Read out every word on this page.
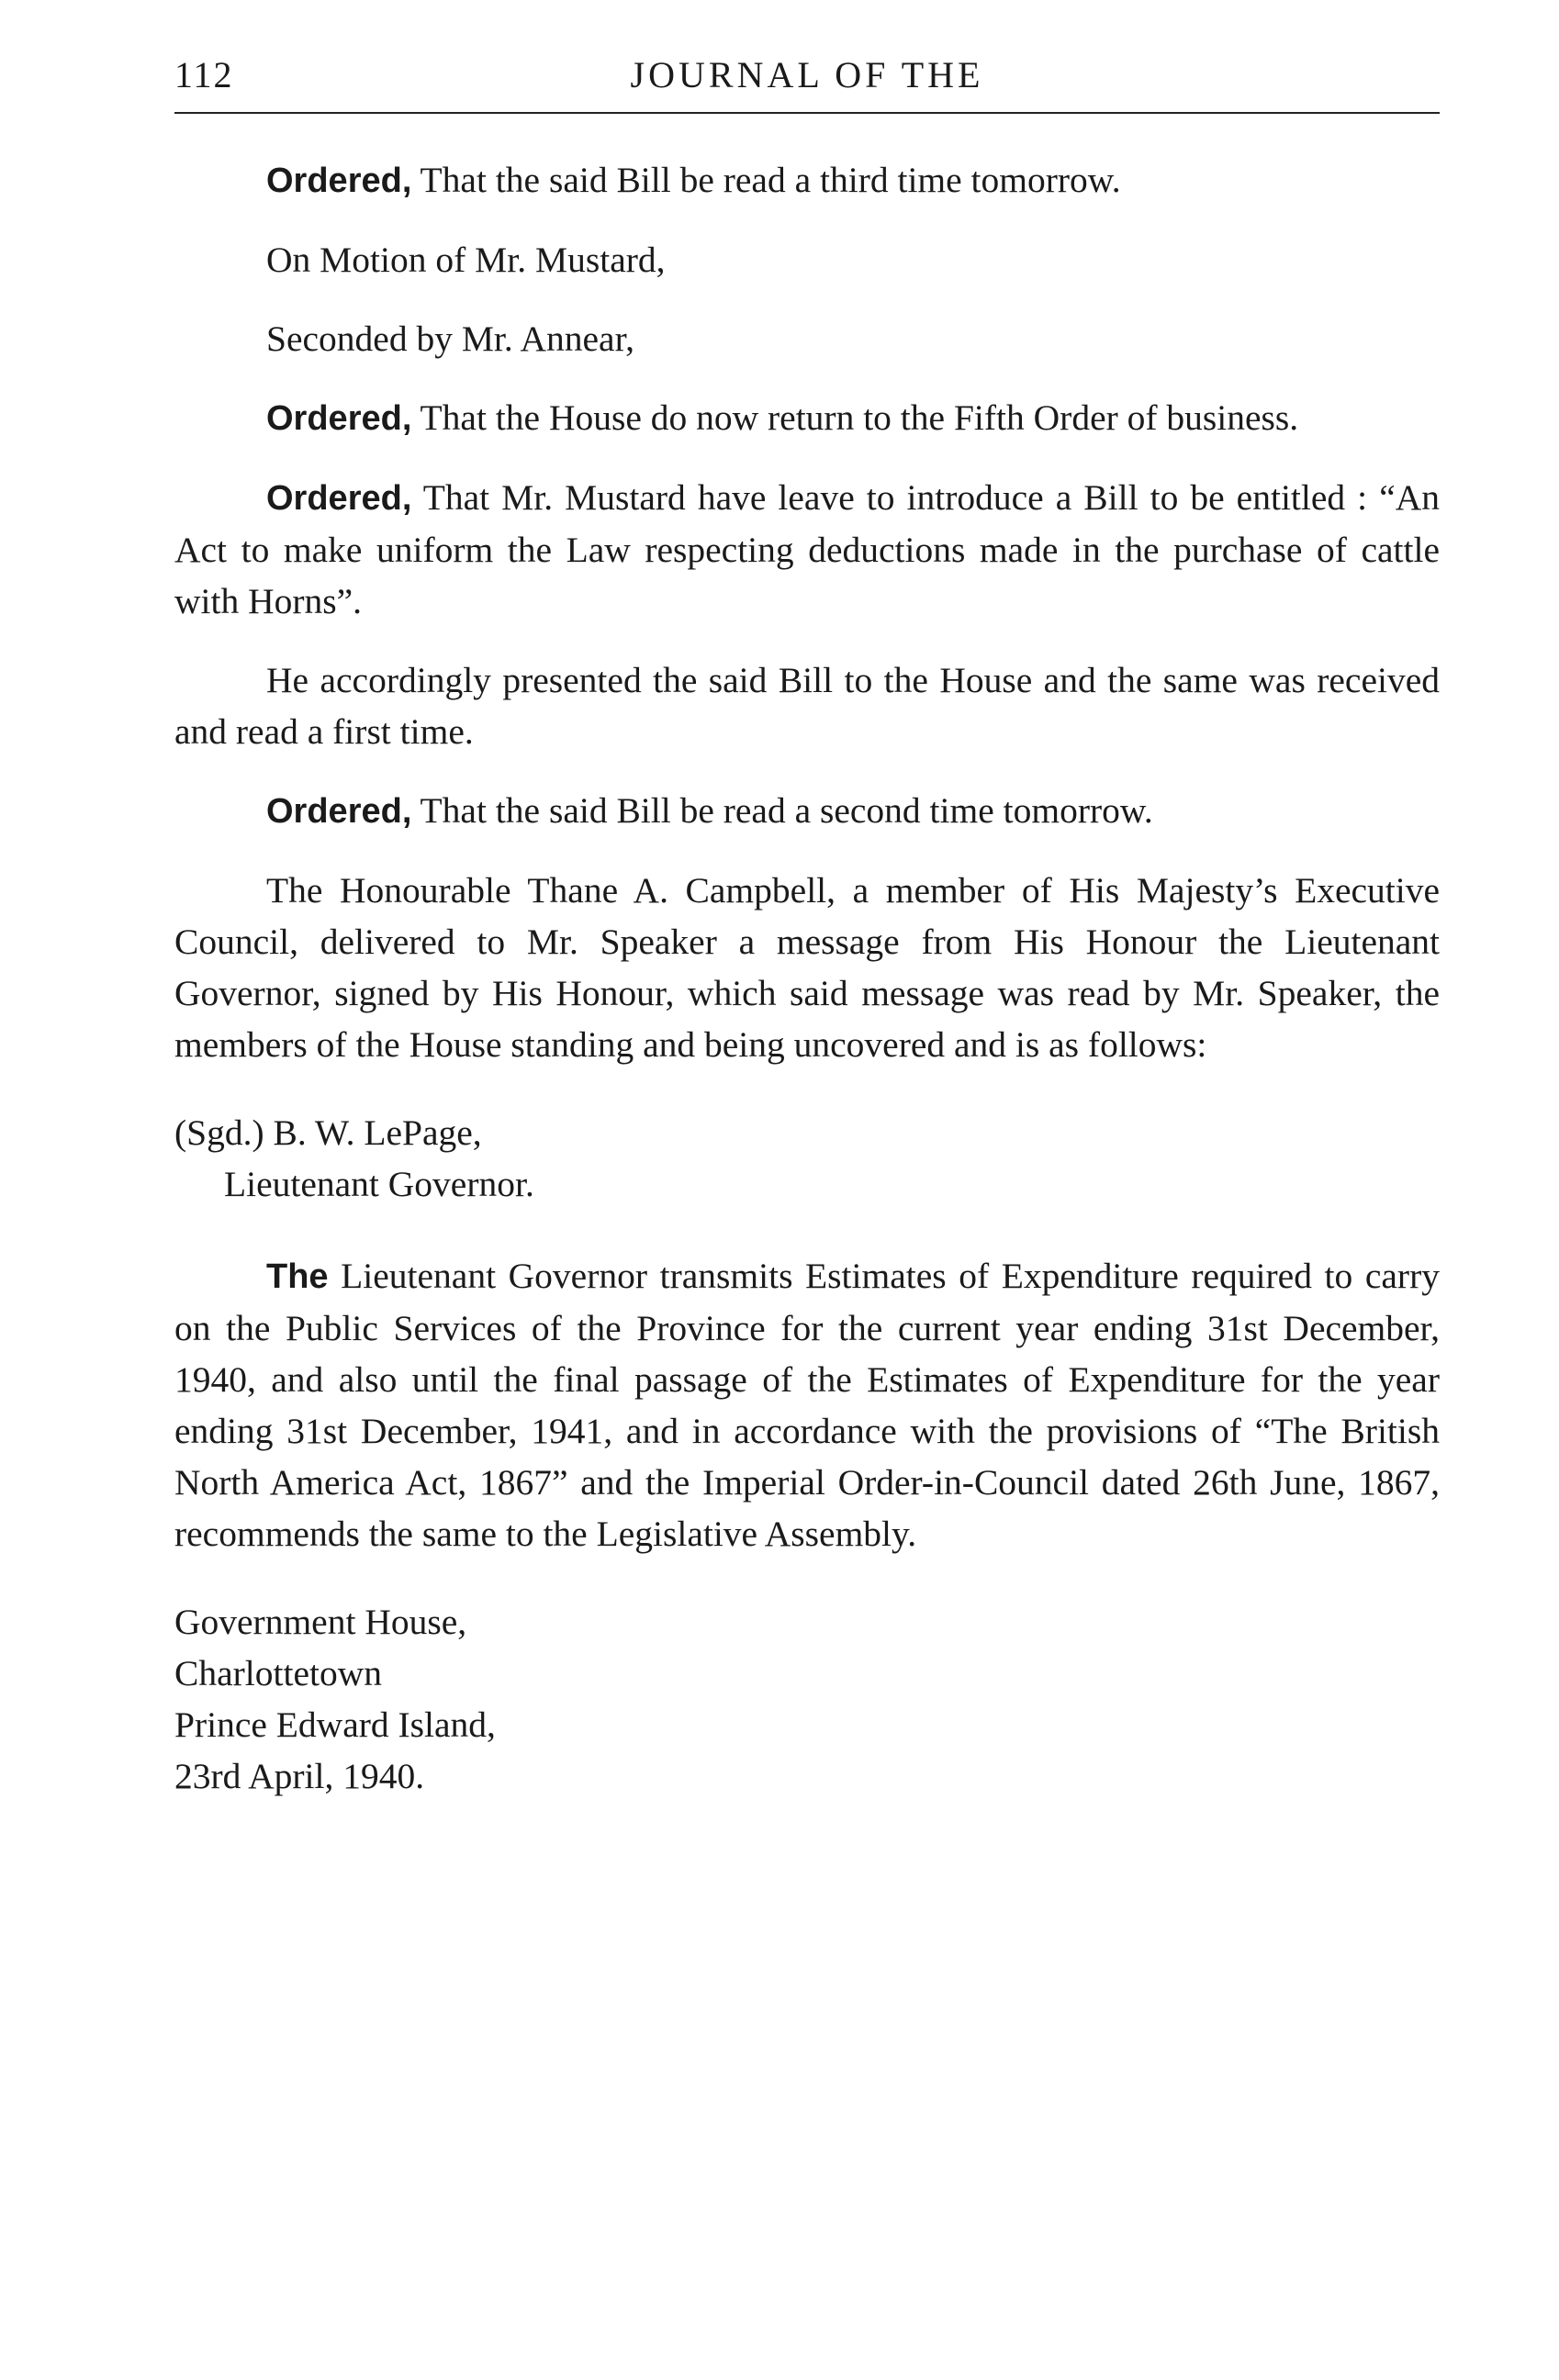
112	JOURNAL OF THE

Ordered, That the said Bill be read a third time tomorrow.

On Motion of Mr. Mustard,

Seconded by Mr. Annear,

Ordered, That the House do now return to the Fifth Order of business.

Ordered, That Mr. Mustard have leave to introduce a Bill to be entitled : “An Act to make uniform the Law respecting deductions made in the purchase of cattle with Horns”.

He accordingly presented the said Bill to the House and the same was received and read a first time.

Ordered, That the said Bill be read a second time tomorrow.

The Honourable Thane A. Campbell, a member of His Majesty’s Executive Council, delivered to Mr. Speaker a message from His Honour the Lieutenant Governor, signed by His Honour, which said message was read by Mr. Speaker, the members of the House standing and being uncovered and is as follows:

(Sgd.) B. W. LePage,
Lieutenant Governor.

The Lieutenant Governor transmits Estimates of Expenditure required to carry on the Public Services of the Province for the current year ending 31st December, 1940, and also until the final passage of the Estimates of Expenditure for the year ending 31st December, 1941, and in accordance with the provisions of “The British North America Act, 1867” and the Imperial Order-in-Council dated 26th June, 1867, recommends the same to the Legislative Assembly.

Government House,
Charlottetown
Prince Edward Island,
23rd April, 1940.
